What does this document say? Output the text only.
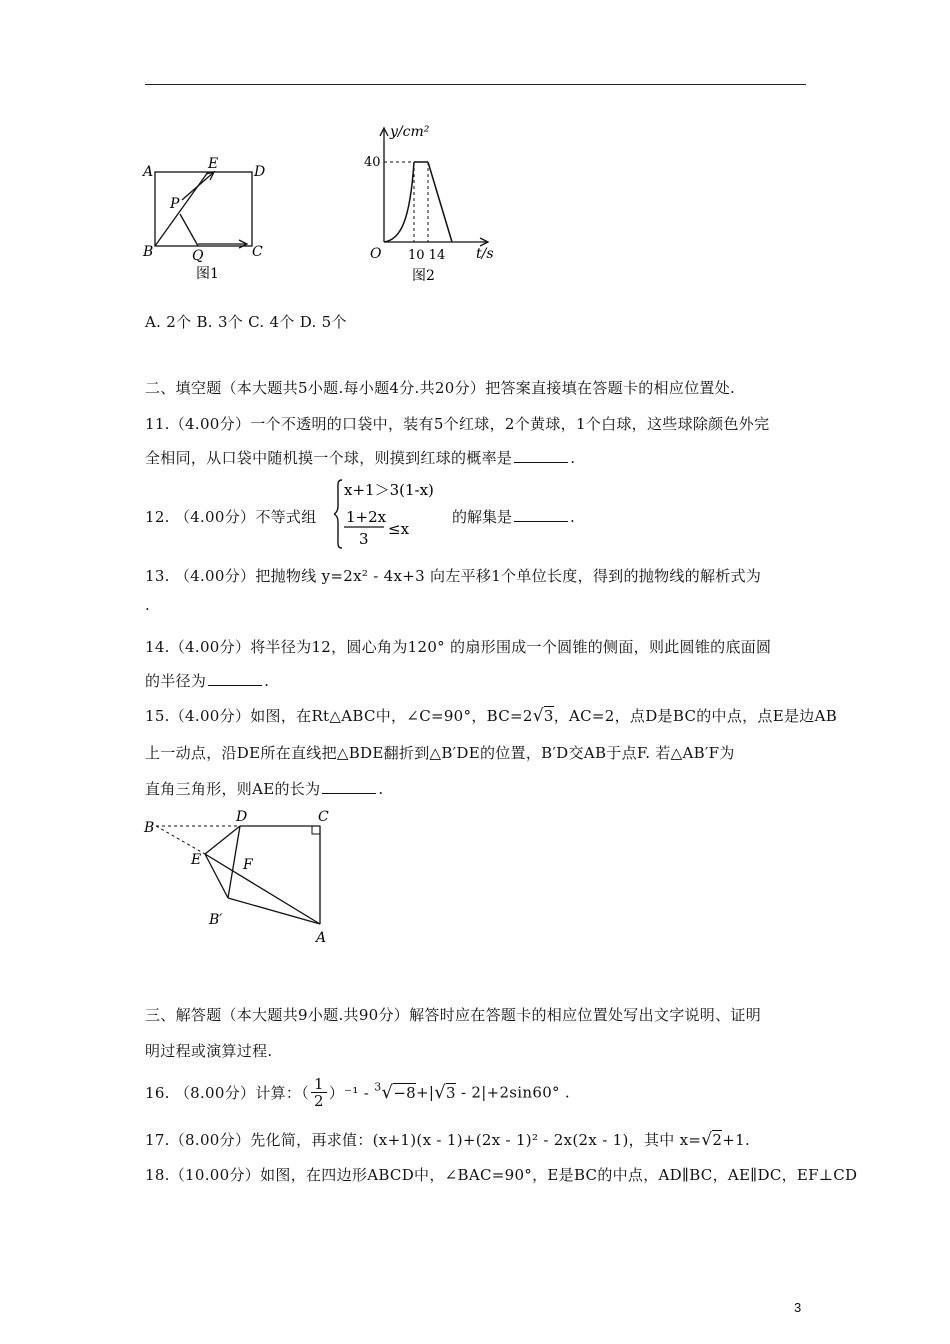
A	E	D
P
B	Q	C
图1
y/cm²
40
O 10 14 t/s
图2
A. 2个 B. 3个 C. 4个 D. 5个
二、填空题（本大题共5小题.每小题4分.共20分）把答案直接填在答题卡的相应位置处.
11.（4.00分）一个不透明的口袋中，装有5个红球，2个黄球，1个白球，这些球除颜色外完
全相同，从口袋中随机摸一个球，则摸到红球的概率是	.
12. （4.00分）不等式组
x+1＞3(1-x)
1+2x
3
≤x
的解集是	.
13. （4.00分）把抛物线 y=2x² - 4x+3 向左平移1个单位长度，得到的抛物线的解析式为
.
14.（4.00分）将半径为12，圆心角为120° 的扇形围成一个圆锥的侧面，则此圆锥的底面圆
的半径为	.
15.（4.00分）如图，在Rt△ABC中，∠C=90°，BC=2√3，AC=2，点D是BC的中点，点E是边AB
上一动点，沿DE所在直线把△BDE翻折到△B′DE的位置，B′D交AB于点F. 若△AB′F为
直角三角形，则AE的长为	.
B
D	C
E	F
B′
A
三、解答题（本大题共9小题.共90分）解答时应在答题卡的相应位置处写出文字说明、证明
明过程或演算过程.
16. （8.00分）计算：（ $\frac{1}{2} )^{-1} - ^3√-8+|√3 - 2|+2\sin 60^\circ$ .
17.（8.00分）先化简，再求值：(x+1)(x - 1)+(2x - 1)² - 2x(2x - 1)，其中 x=√2+1.
18.（10.00分）如图，在四边形ABCD中，∠BAC=90°，E是BC的中点，AD∥BC，AE∥DC，EF⊥CD
3
